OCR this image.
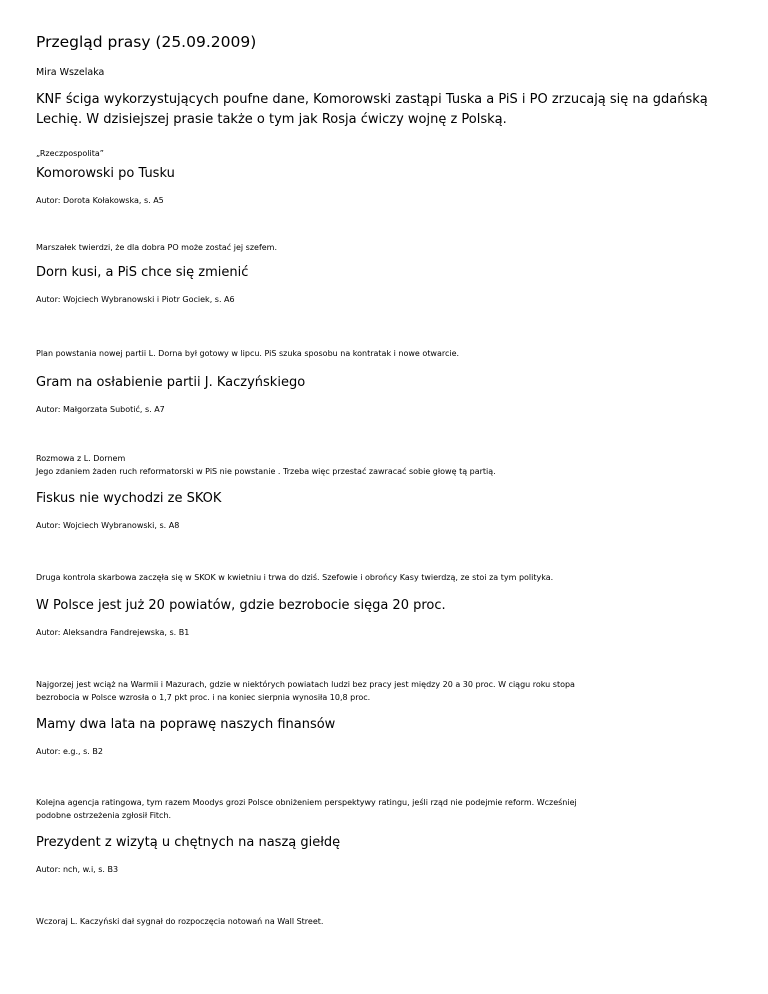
Przegląd prasy (25.09.2009)
Mira Wszelaka
KNF ściga wykorzystujących poufne dane, Komorowski zastąpi Tuska a PiS i PO zrzucają się na gdańską Lechię. W dzisiejszej prasie także o tym jak Rosja ćwiczy wojnę z Polską.
„Rzeczpospolita”
Komorowski po Tusku
Autor: Dorota Kołakowska, s. A5
Marszałek twierdzi, że dla dobra PO może zostać jej szefem.
Dorn kusi, a PiS chce się zmienić
Autor: Wojciech Wybranowski i Piotr Gociek, s. A6
Plan powstania nowej partii L. Dorna był gotowy w lipcu. PiS szuka sposobu na kontratak i nowe otwarcie.
Gram na osłabienie partii J. Kaczyńskiego
Autor: Małgorzata Subotić, s. A7
Rozmowa z L. Dornem
Jego zdaniem żaden ruch reformatorski w PiS nie powstanie . Trzeba więc przestać zawracać sobie głowę tą partią.
Fiskus nie wychodzi ze SKOK
Autor: Wojciech Wybranowski, s. A8
Druga kontrola skarbowa zaczęła się w SKOK w kwietniu i trwa do dziś. Szefowie i obrońcy Kasy twierdzą, ze stoi za tym polityka.
W Polsce jest już 20 powiatów, gdzie bezrobocie sięga 20 proc.
Autor: Aleksandra Fandrejewska, s. B1
Najgorzej jest wciąż na Warmii i Mazurach, gdzie w niektórych powiatach ludzi bez pracy jest między 20 a 30 proc. W ciągu roku stopa
bezrobocia w Polsce wzrosła o 1,7 pkt proc. i na koniec sierpnia wynosiła 10,8 proc.
Mamy dwa lata na poprawę naszych finansów
Autor: e.g., s. B2
Kolejna agencja ratingowa, tym razem Moodys grozi Polsce obniżeniem perspektywy ratingu, jeśli rząd nie podejmie reform. Wcześniej
podobne ostrzeżenia zgłosił Fitch.
Prezydent z wizytą u chętnych na naszą giełdę
Autor: nch, w.i, s. B3
Wczoraj L. Kaczyński dał sygnał do rozpoczęcia notowań na Wall Street.
